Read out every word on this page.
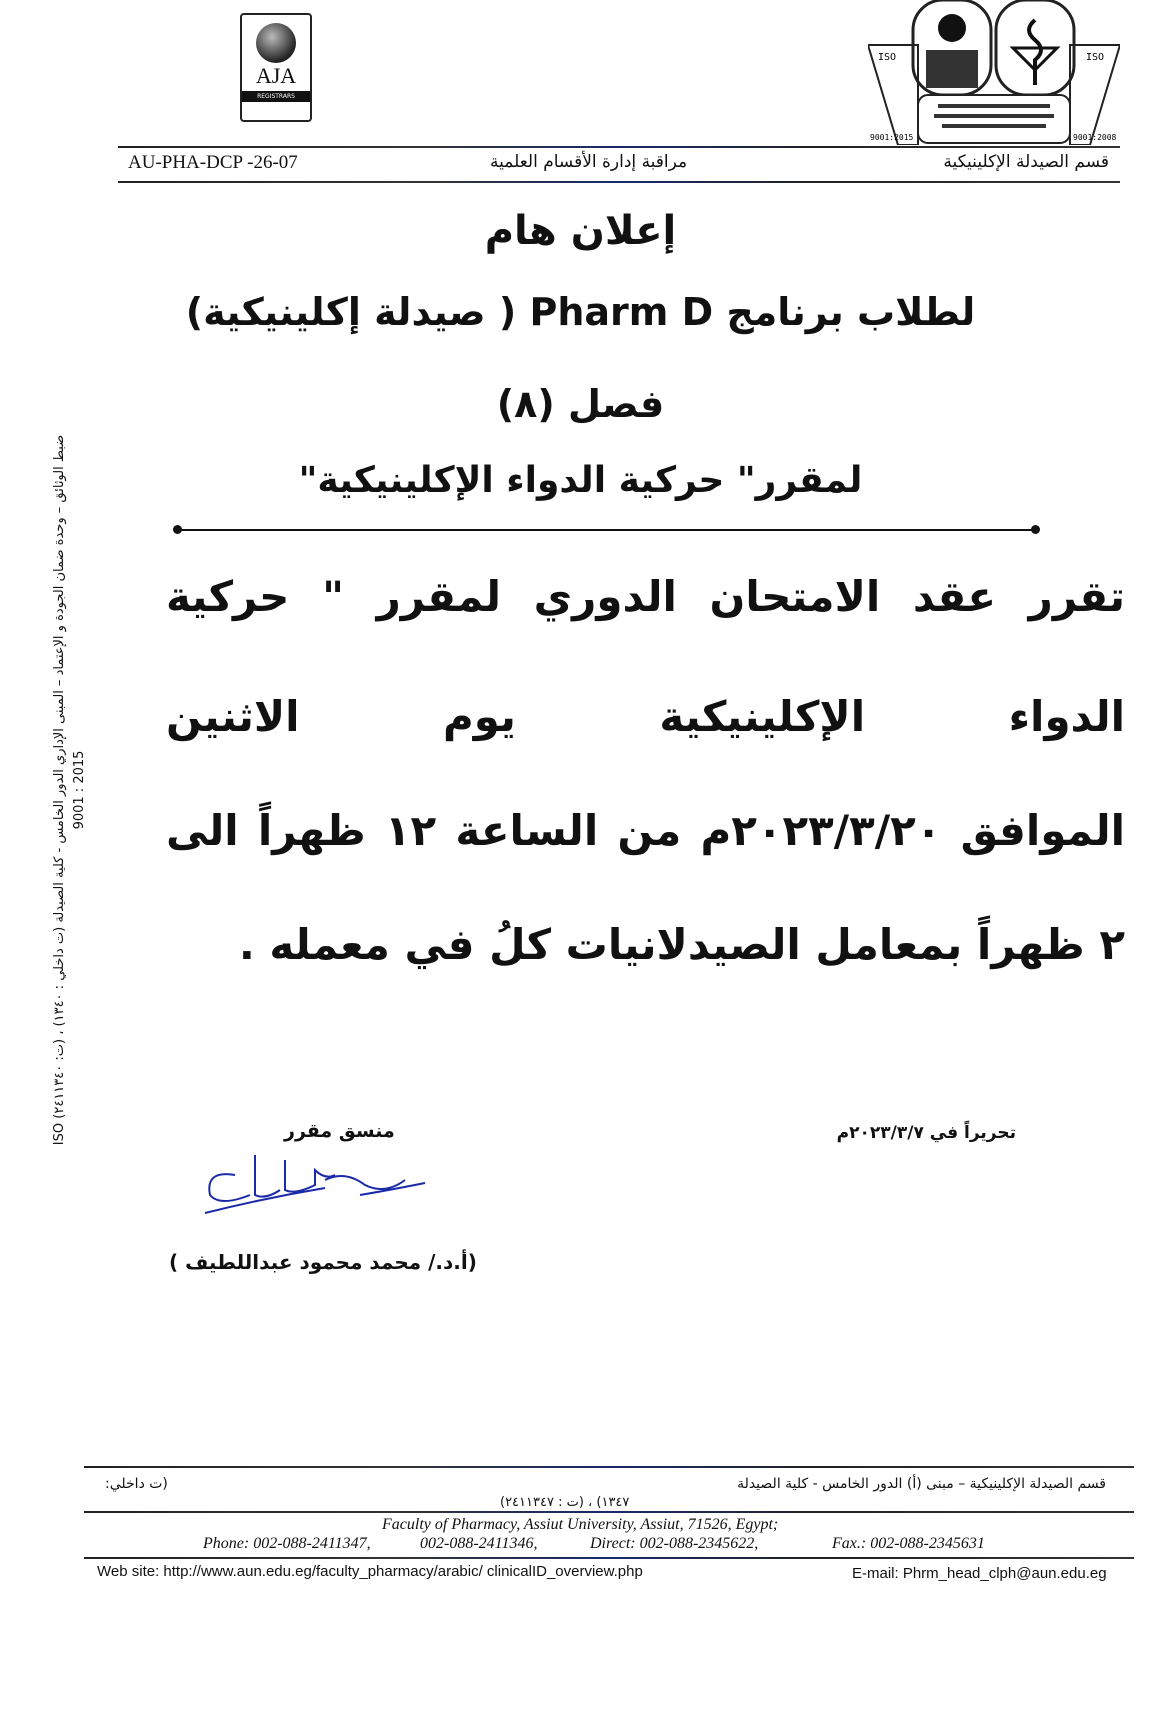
AJA
REGISTRARS
ISO	ISO
9001:2015	9001:2008
AU-PHA-DCP -26-07	مراقبة إدارة الأقسام العلمية	قسم الصيدلة الإكلينيكية
ضبط الوثائق – وحدة ضمان الجودة و الإعتماد – المبنى الإداري الدور الخامس - كلية الصيدلة (ت داخلي : ١٣٤٠) ، (ت: ٢٤١١٣٤٠) ISO 9001 : 2015
إعلان هام
لطلاب برنامج Pharm D ( صيدلة إكلينيكية)
فصل (٨)
لمقرر" حركية الدواء الإكلينيكية"
تقرر عقد الامتحان الدوري لمقرر " حركية
الدواء الإكلينيكية يوم الاثنين
الموافق ٢٠٢٣/٣/٢٠م من الساعة ١٢ ظهراً الى
٢ ظهراً بمعامل الصيدلانيات كلُ في معمله .
تحريراً في ٢٠٢٣/٣/٧م
منسق مقرر
(أ.د./ محمد محمود عبداللطيف )
قسم الصيدلة الإكلينيكية – مبنى (أ) الدور الخامس - كلية الصيدلة
(ت داخلي:
١٣٤٧) ، (ت : ٢٤١١٣٤٧)
Faculty of Pharmacy, Assiut University, Assiut, 71526, Egypt;
Phone: 002-088-2411347,	002-088-2411346,	Direct: 002-088-2345622,	Fax.: 002-088-2345631
Web site: http://www.aun.edu.eg/faculty_pharmacy/arabic/ clinicalID_overview.php	E-mail: Phrm_head_clph@aun.edu.eg
